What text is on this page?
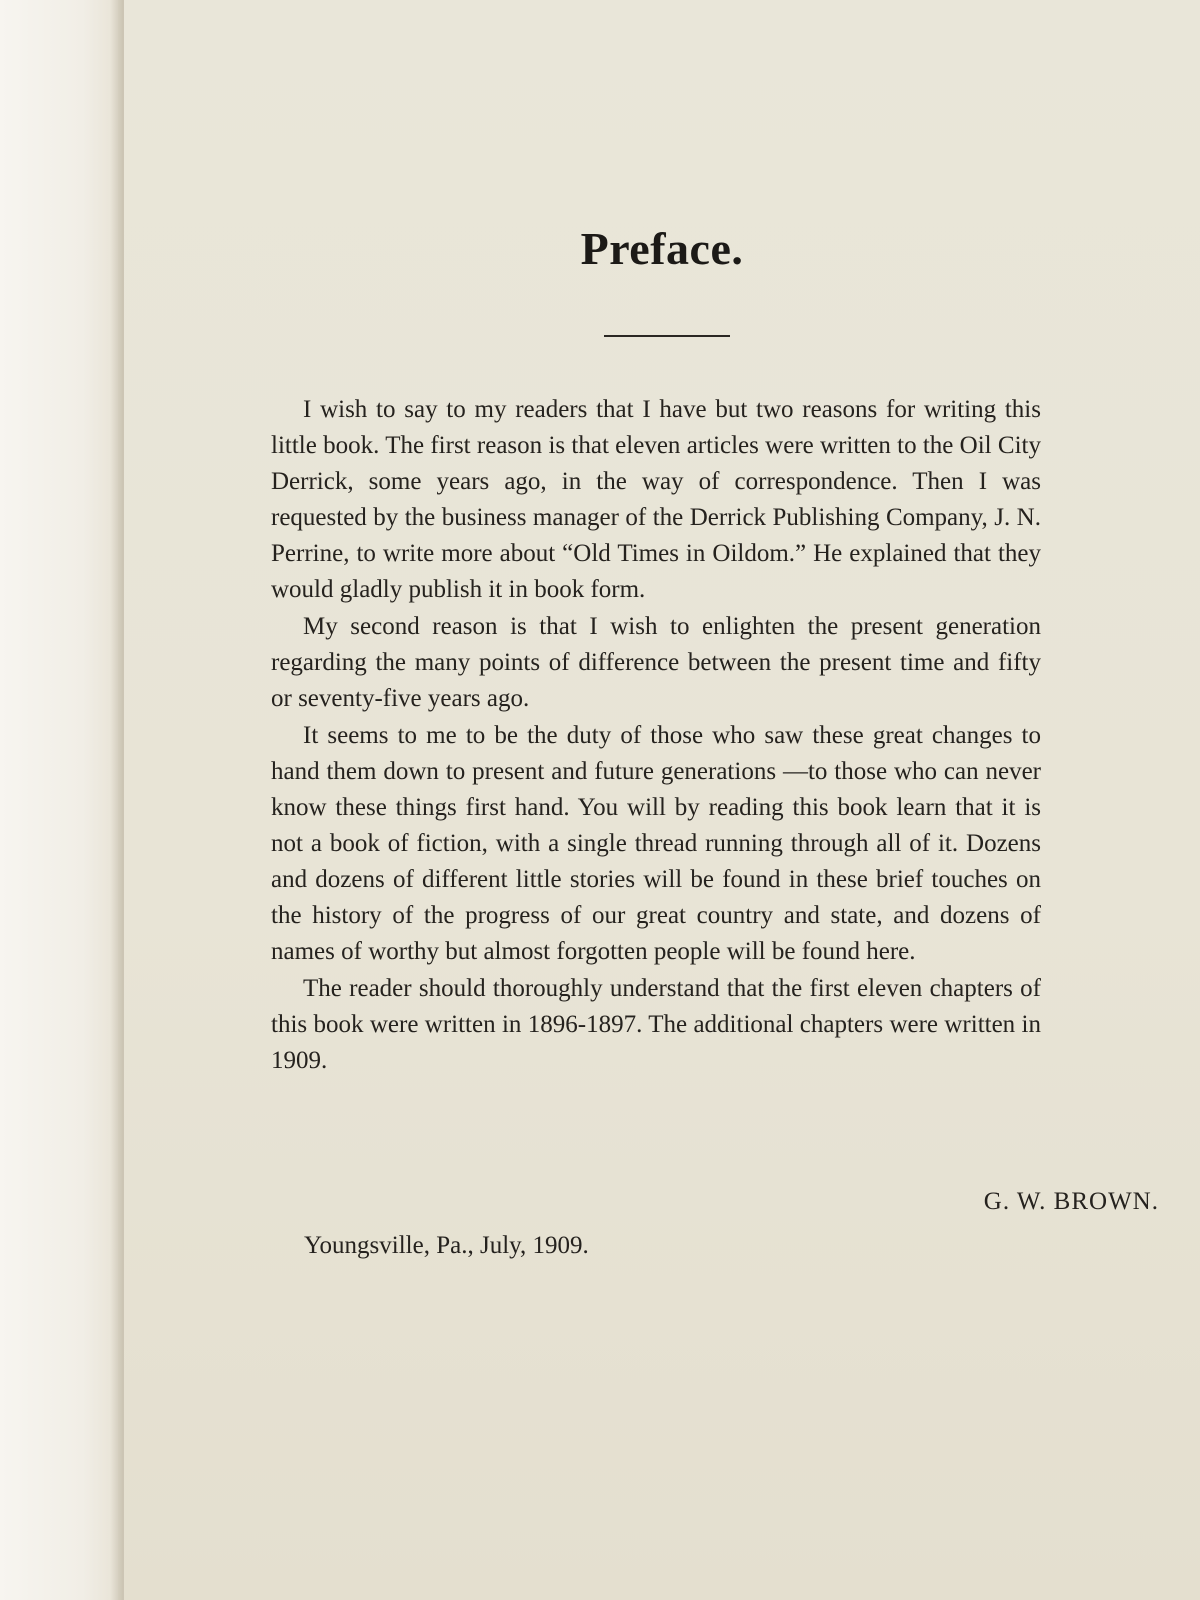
Preface.

I wish to say to my readers that I have but two reasons for writing this little book. The first reason is that eleven articles were written to the Oil City Derrick, some years ago, in the way of correspondence. Then I was requested by the business manager of the Derrick Publishing Company, J. N. Perrine, to write more about “Old Times in Oildom.” He explained that they would gladly publish it in book form.

My second reason is that I wish to enlighten the present generation regarding the many points of difference between the present time and fifty or seventy-five years ago.

It seems to me to be the duty of those who saw these great changes to hand them down to present and future generations —to those who can never know these things first hand. You will by reading this book learn that it is not a book of fiction, with a single thread running through all of it. Dozens and dozens of different little stories will be found in these brief touches on the history of the progress of our great country and state, and dozens of names of worthy but almost forgotten people will be found here.

The reader should thoroughly understand that the first eleven chapters of this book were written in 1896-1897. The additional chapters were written in 1909.

G. W. BROWN.
Youngsville, Pa., July, 1909.
